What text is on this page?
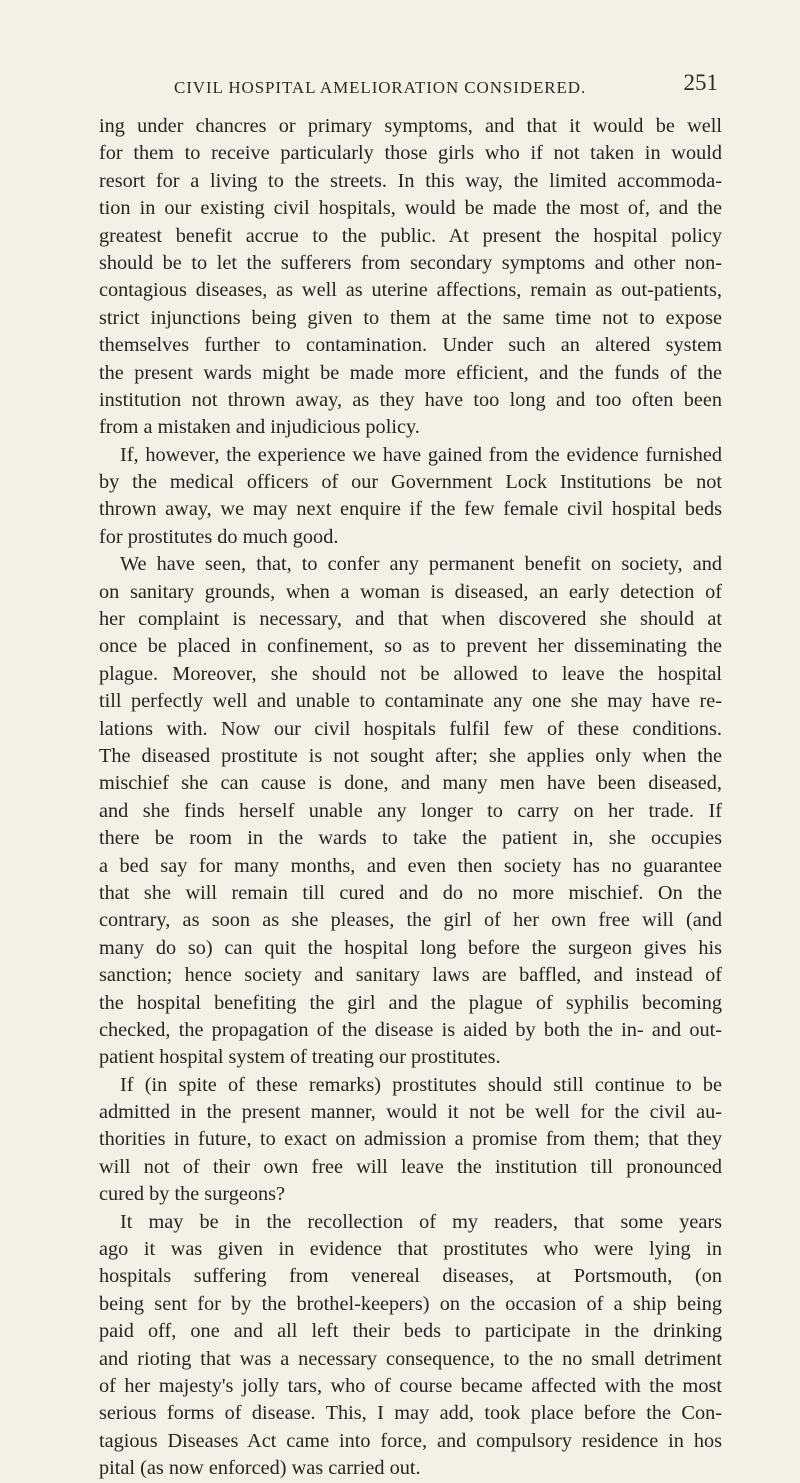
CIVIL HOSPITAL AMELIORATION CONSIDERED.	251
ing under chancres or primary symptoms, and that it would be well
for them to receive particularly those girls who if not taken in would
resort for a living to the streets. In this way, the limited accommoda-
tion in our existing civil hospitals, would be made the most of, and the
greatest benefit accrue to the public. At present the hospital policy
should be to let the sufferers from secondary symptoms and other non-
contagious diseases, as well as uterine affections, remain as out-patients,
strict injunctions being given to them at the same time not to expose
themselves further to contamination. Under such an altered system
the present wards might be made more efficient, and the funds of the
institution not thrown away, as they have too long and too often been
from a mistaken and injudicious policy.
If, however, the experience we have gained from the evidence furnished
by the medical officers of our Government Lock Institutions be not
thrown away, we may next enquire if the few female civil hospital beds
for prostitutes do much good.
We have seen, that, to confer any permanent benefit on society, and
on sanitary grounds, when a woman is diseased, an early detection of
her complaint is necessary, and that when discovered she should at
once be placed in confinement, so as to prevent her disseminating the
plague. Moreover, she should not be allowed to leave the hospital
till perfectly well and unable to contaminate any one she may have re-
lations with. Now our civil hospitals fulfil few of these conditions.
The diseased prostitute is not sought after; she applies only when the
mischief she can cause is done, and many men have been diseased,
and she finds herself unable any longer to carry on her trade. If
there be room in the wards to take the patient in, she occupies
a bed say for many months, and even then society has no guarantee
that she will remain till cured and do no more mischief. On the
contrary, as soon as she pleases, the girl of her own free will (and
many do so) can quit the hospital long before the surgeon gives his
sanction; hence society and sanitary laws are baffled, and instead of
the hospital benefiting the girl and the plague of syphilis becoming
checked, the propagation of the disease is aided by both the in- and out-
patient hospital system of treating our prostitutes.
If (in spite of these remarks) prostitutes should still continue to be
admitted in the present manner, would it not be well for the civil au-
thorities in future, to exact on admission a promise from them; that they
will not of their own free will leave the institution till pronounced
cured by the surgeons?
It may be in the recollection of my readers, that some years
ago it was given in evidence that prostitutes who were lying in
hospitals suffering from venereal diseases, at Portsmouth, (on
being sent for by the brothel-keepers) on the occasion of a ship being
paid off, one and all left their beds to participate in the drinking
and rioting that was a necessary consequence, to the no small detriment
of her majesty's jolly tars, who of course became affected with the most
serious forms of disease. This, I may add, took place before the Con-
tagious Diseases Act came into force, and compulsory residence in hos
pital (as now enforced) was carried out.
